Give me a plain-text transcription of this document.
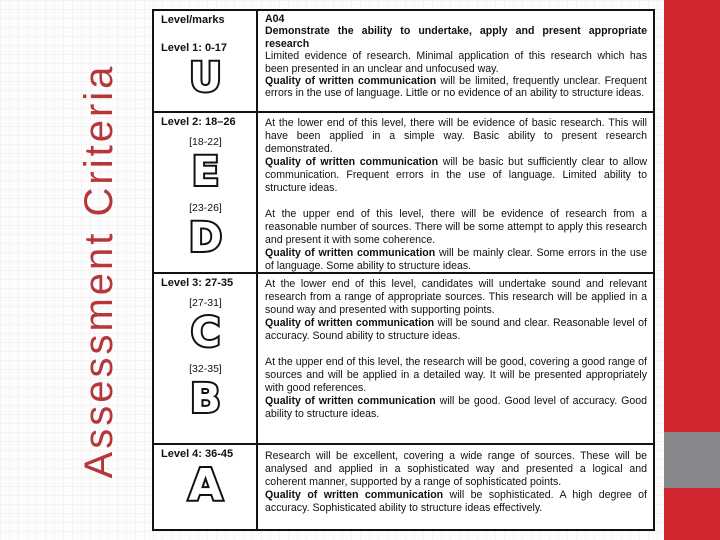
Assessment Criteria
Level/marks
Level 1: 0-17
U
A04
Demonstrate the ability to undertake, apply and present appropriate research
Limited evidence of research. Minimal application of this research which has been presented in an unclear and unfocused way.
Quality of written communication will be limited, frequently unclear. Frequent errors in the use of language. Little or no evidence of an ability to structure ideas.
Level 2: 18–26
[18-22]
E
[23-26]
D
At the lower end of this level, there will be evidence of basic research. This will have been applied in a simple way. Basic ability to present research demonstrated.
Quality of written communication will be basic but sufficiently clear to allow communication. Frequent errors in the use of language. Limited ability to structure ideas.
At the upper end of this level, there will be evidence of research from a reasonable number of sources. There will be some attempt to apply this research and present it with some coherence.
Quality of written communication will be mainly clear. Some errors in the use of language. Some ability to structure ideas.
Level 3: 27-35
[27-31]
C
[32-35]
B
At the lower end of this level, candidates will undertake sound and relevant research from a range of appropriate sources. This research will be applied in a sound way and presented with supporting points.
Quality of written communication will be sound and clear. Reasonable level of accuracy. Sound ability to structure ideas.
At the upper end of this level, the research will be good, covering a good range of sources and will be applied in a detailed way. It will be presented appropriately with good references.
Quality of written communication will be good. Good level of accuracy. Good ability to structure ideas.
Level 4: 36-45
A
Research will be excellent, covering a wide range of sources. These will be analysed and applied in a sophisticated way and presented a logical and coherent manner, supported by a range of sophisticated points.
Quality of written communication will be sophisticated. A high degree of accuracy. Sophisticated ability to structure ideas effectively.
